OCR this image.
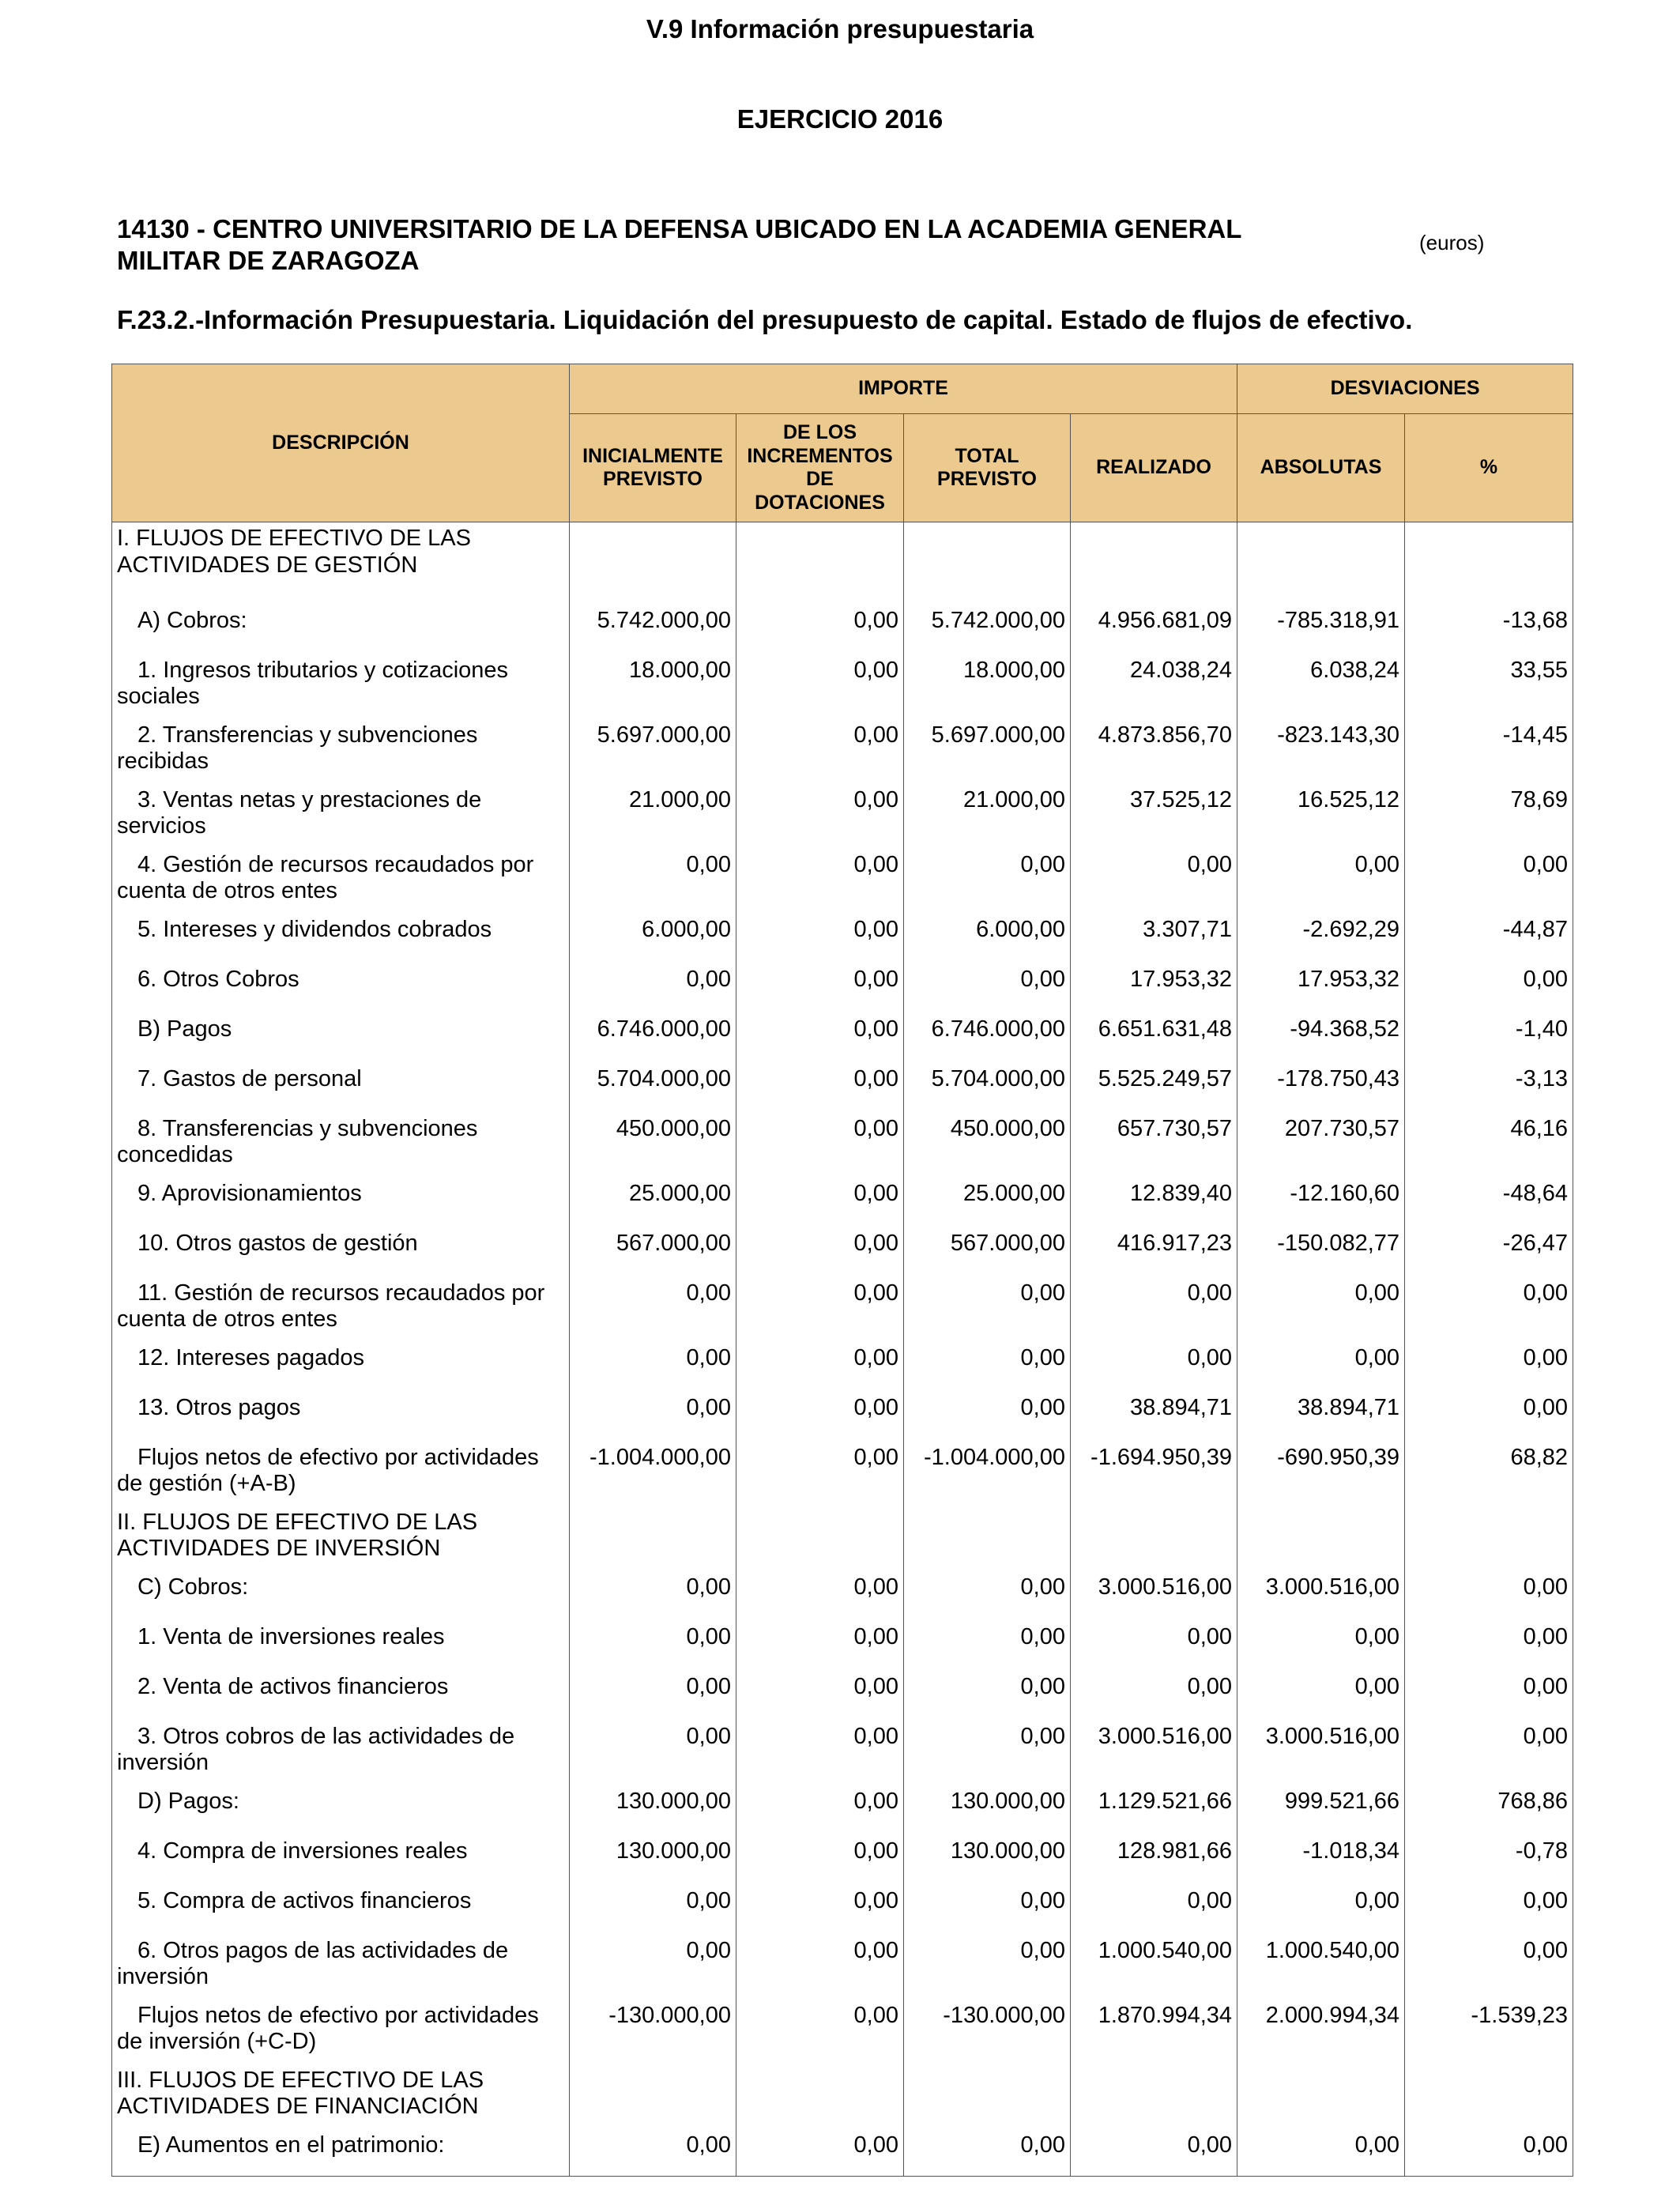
V.9 Información presupuestaria
EJERCICIO 2016
14130 - CENTRO UNIVERSITARIO DE LA DEFENSA UBICADO EN LA ACADEMIA GENERAL MILITAR DE ZARAGOZA
(euros)
F.23.2.-Información Presupuestaria. Liquidación del presupuesto de capital. Estado de flujos de efectivo.
DESCRIPCIÓN	IMPORTE				DESVIACIONES	
	INICIALMENTE PREVISTO	DE LOS INCREMENTOS DE DOTACIONES	TOTAL PREVISTO	REALIZADO	ABSOLUTAS	%
I. FLUJOS DE EFECTIVO DE LAS ACTIVIDADES DE GESTIÓN						
A) Cobros:	5.742.000,00	0,00	5.742.000,00	4.956.681,09	-785.318,91	-13,68
1. Ingresos tributarios y cotizaciones sociales	18.000,00	0,00	18.000,00	24.038,24	6.038,24	33,55
2. Transferencias y subvenciones recibidas	5.697.000,00	0,00	5.697.000,00	4.873.856,70	-823.143,30	-14,45
3. Ventas netas y prestaciones de servicios	21.000,00	0,00	21.000,00	37.525,12	16.525,12	78,69
4. Gestión de recursos recaudados por cuenta de otros entes	0,00	0,00	0,00	0,00	0,00	0,00
5. Intereses y dividendos cobrados	6.000,00	0,00	6.000,00	3.307,71	-2.692,29	-44,87
6. Otros Cobros	0,00	0,00	0,00	17.953,32	17.953,32	0,00
B) Pagos	6.746.000,00	0,00	6.746.000,00	6.651.631,48	-94.368,52	-1,40
7. Gastos de personal	5.704.000,00	0,00	5.704.000,00	5.525.249,57	-178.750,43	-3,13
8. Transferencias y subvenciones concedidas	450.000,00	0,00	450.000,00	657.730,57	207.730,57	46,16
9. Aprovisionamientos	25.000,00	0,00	25.000,00	12.839,40	-12.160,60	-48,64
10. Otros gastos de gestión	567.000,00	0,00	567.000,00	416.917,23	-150.082,77	-26,47
11. Gestión de recursos recaudados por cuenta de otros entes	0,00	0,00	0,00	0,00	0,00	0,00
12. Intereses pagados	0,00	0,00	0,00	0,00	0,00	0,00
13. Otros pagos	0,00	0,00	0,00	38.894,71	38.894,71	0,00
Flujos netos de efectivo por actividades de gestión (+A-B)	-1.004.000,00	0,00	-1.004.000,00	-1.694.950,39	-690.950,39	68,82
II. FLUJOS DE EFECTIVO DE LAS ACTIVIDADES DE INVERSIÓN						
C) Cobros:	0,00	0,00	0,00	3.000.516,00	3.000.516,00	0,00
1. Venta de inversiones reales	0,00	0,00	0,00	0,00	0,00	0,00
2. Venta de activos financieros	0,00	0,00	0,00	0,00	0,00	0,00
3. Otros cobros de las actividades de inversión	0,00	0,00	0,00	3.000.516,00	3.000.516,00	0,00
D) Pagos:	130.000,00	0,00	130.000,00	1.129.521,66	999.521,66	768,86
4. Compra de inversiones reales	130.000,00	0,00	130.000,00	128.981,66	-1.018,34	-0,78
5. Compra de activos financieros	0,00	0,00	0,00	0,00	0,00	0,00
6. Otros pagos de las actividades de inversión	0,00	0,00	0,00	1.000.540,00	1.000.540,00	0,00
Flujos netos de efectivo por actividades de inversión (+C-D)	-130.000,00	0,00	-130.000,00	1.870.994,34	2.000.994,34	-1.539,23
III. FLUJOS DE EFECTIVO DE LAS ACTIVIDADES DE FINANCIACIÓN						
E) Aumentos en el patrimonio:	0,00	0,00	0,00	0,00	0,00	0,00
